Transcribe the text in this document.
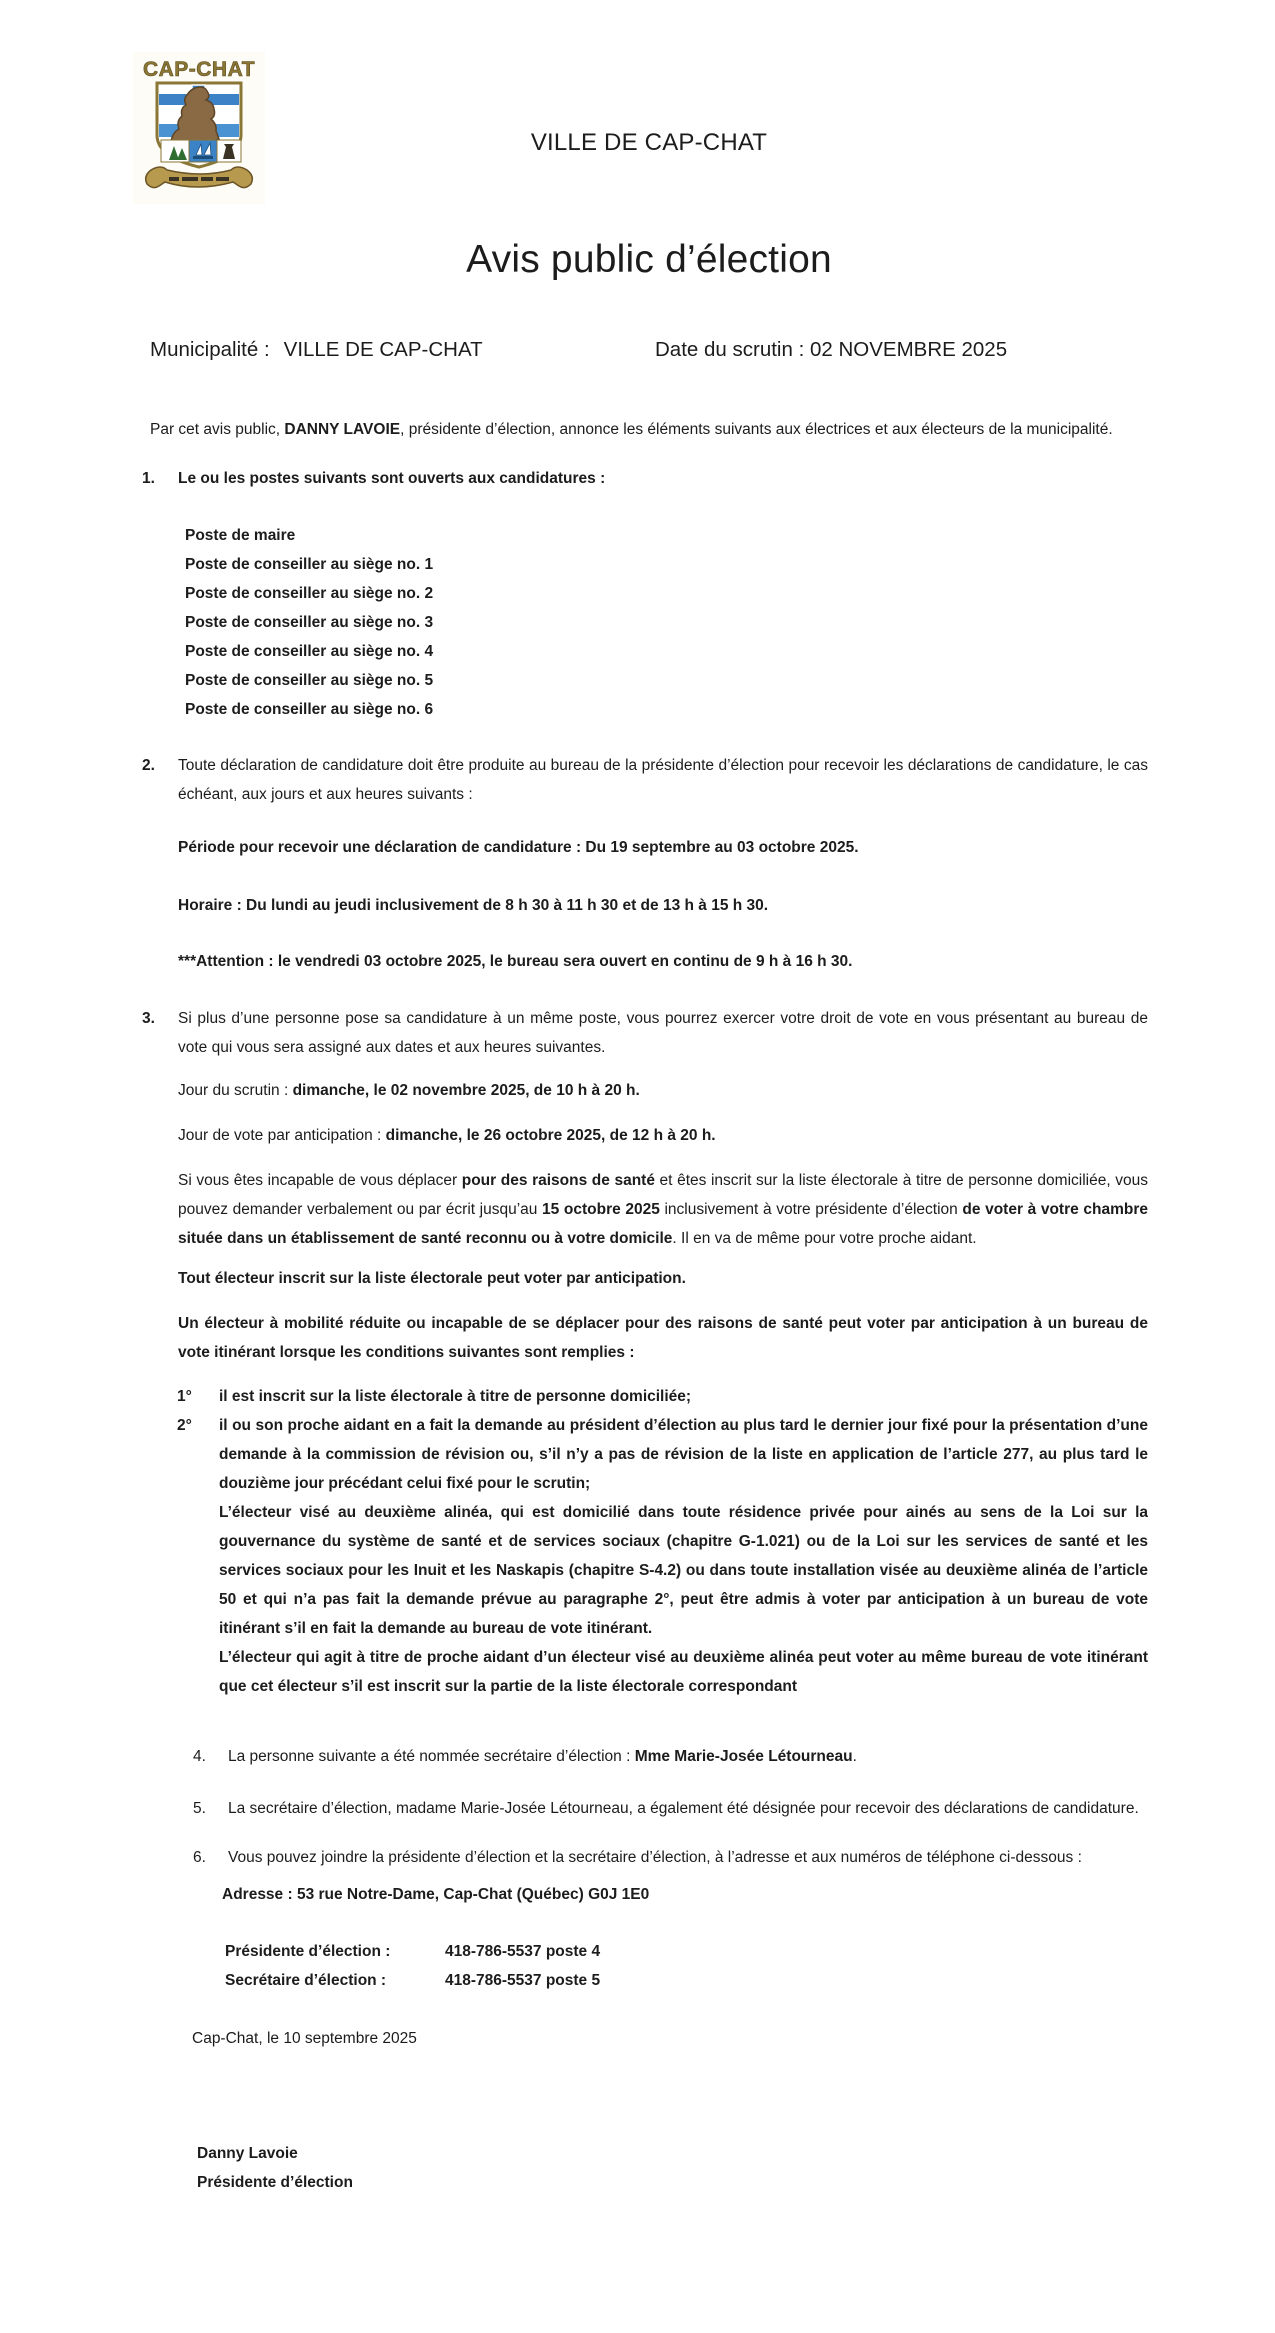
CAP-CHAT
VILLE DE CAP-CHAT
Avis public d’élection
Municipalité : VILLE DE CAP-CHAT	Date du scrutin : 02 NOVEMBRE 2025
Par cet avis public, DANNY LAVOIE, présidente d’élection, annonce les éléments suivants aux électrices et aux électeurs de la municipalité.
1.	Le ou les postes suivants sont ouverts aux candidatures :
Poste de maire
Poste de conseiller au siège no. 1
Poste de conseiller au siège no. 2
Poste de conseiller au siège no. 3
Poste de conseiller au siège no. 4
Poste de conseiller au siège no. 5
Poste de conseiller au siège no. 6
2.	Toute déclaration de candidature doit être produite au bureau de la présidente d’élection pour recevoir les déclarations de candidature, le cas échéant, aux jours et aux heures suivants :
Période pour recevoir une déclaration de candidature : Du 19 septembre au 03 octobre 2025.
Horaire : Du lundi au jeudi inclusivement de 8 h 30 à 11 h 30 et de 13 h à 15 h 30.
***Attention : le vendredi 03 octobre 2025, le bureau sera ouvert en continu de 9 h à 16 h 30.
3.	Si plus d’une personne pose sa candidature à un même poste, vous pourrez exercer votre droit de vote en vous présentant au bureau de vote qui vous sera assigné aux dates et aux heures suivantes.
Jour du scrutin : dimanche, le 02 novembre 2025, de 10 h à 20 h.
Jour de vote par anticipation : dimanche, le 26 octobre 2025, de 12 h à 20 h.
Si vous êtes incapable de vous déplacer pour des raisons de santé et êtes inscrit sur la liste électorale à titre de personne domiciliée, vous pouvez demander verbalement ou par écrit jusqu’au 15 octobre 2025 inclusivement à votre présidente d’élection de voter à votre chambre située dans un établissement de santé reconnu ou à votre domicile. Il en va de même pour votre proche aidant.
Tout électeur inscrit sur la liste électorale peut voter par anticipation.
Un électeur à mobilité réduite ou incapable de se déplacer pour des raisons de santé peut voter par anticipation à un bureau de vote itinérant lorsque les conditions suivantes sont remplies :
1°	il est inscrit sur la liste électorale à titre de personne domiciliée;
2°	il ou son proche aidant en a fait la demande au président d’élection au plus tard le dernier jour fixé pour la présentation d’une demande à la commission de révision ou, s’il n’y a pas de révision de la liste en application de l’article 277, au plus tard le douzième jour précédant celui fixé pour le scrutin;
L’électeur visé au deuxième alinéa, qui est domicilié dans toute résidence privée pour ainés au sens de la Loi sur la gouvernance du système de santé et de services sociaux (chapitre G-1.021) ou de la Loi sur les services de santé et les services sociaux pour les Inuit et les Naskapis (chapitre S-4.2) ou dans toute installation visée au deuxième alinéa de l’article 50 et qui n’a pas fait la demande prévue au paragraphe 2°, peut être admis à voter par anticipation à un bureau de vote itinérant s’il en fait la demande au bureau de vote itinérant.
L’électeur qui agit à titre de proche aidant d’un électeur visé au deuxième alinéa peut voter au même bureau de vote itinérant que cet électeur s’il est inscrit sur la partie de la liste électorale correspondant
4.	La personne suivante a été nommée secrétaire d’élection : Mme Marie-Josée Létourneau.
5.	La secrétaire d’élection, madame Marie-Josée Létourneau, a également été désignée pour recevoir des déclarations de candidature.
6.	Vous pouvez joindre la présidente d’élection et la secrétaire d’élection, à l’adresse et aux numéros de téléphone ci-dessous :
Adresse : 53 rue Notre-Dame, Cap-Chat (Québec) G0J 1E0
Présidente d’élection :	418-786-5537 poste 4
Secrétaire d’élection :	418-786-5537 poste 5
Cap-Chat, le 10 septembre 2025
Danny Lavoie
Présidente d’élection
